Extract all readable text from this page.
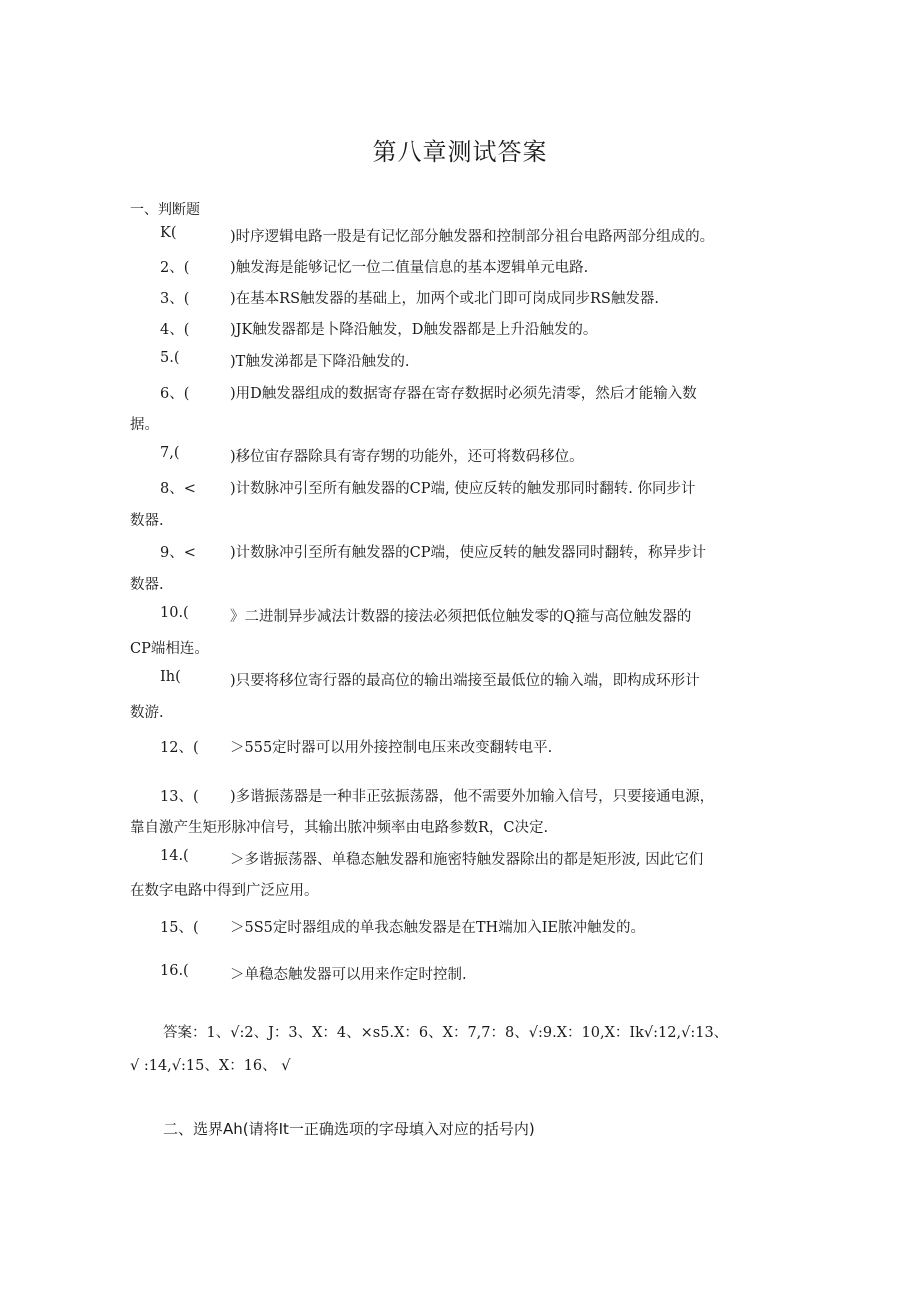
第八章测试答案
一、判断题
K(	)时序逻辑电路一股是有记忆部分触发器和控制部分祖台电路两部分组成的。
2、(	)触发海是能够记忆一位二值量信息的基本逻辑单元电路.
3、(	)在基本RS触发器的基础上，加两个或北门即可岗成同步RS触发器.
4、(	)JK触发器都是卜降沿触发，D触发器都是上升沿触发的。
5.(	)T触发涕都是下降沿触发的.
6、(	)用D触发器组成的数据寄存器在寄存数据时必须先清零，然后才能输入数
据。
7,(	)移位宙存器除具有寄存甥的功能外，还可将数码移位。
8、< )计数脉冲引至所有触发器的CP端, 使应反转的触发那同时翻转. 你同步计
数器.
9、< )计数脉冲引至所有触发器的CP端，使应反转的触发器同时翻转，称异步计
数器.
10.(	》二进制异步减法计数器的接法必须把低位触发零的Q箍与高位触发器的
CP端相连。
Ih(	)只要将移位寄行器的最高位的输出端接至最低位的输入端，即构成环形计
数游.
12、( ＞555定时器可以用外接控制电压来改变翻转电平.
13、( )多谐振荡器是一种非正弦振荡器，他不需要外加输入信号，只要接通电源，
靠自激产生矩形脉冲信号，其输出脓冲频率由电路参数R，C决定.
14.(	＞多谐振荡器、单稳态触发器和施密特触发器除出的都是矩形波, 因此它们
在数字电路中得到广泛应用。
15、( ＞5S5定时器组成的单我态触发器是在TH端加入IE脓冲触发的。
16.(	＞单稳态触发器可以用来作定时控制.
答案：1、√:2、J：3、X：4、×s5.X：6、X：7,7：8、√:9.X：10,X：Ik√:12,√:13、
√ :14,√:15、X：16、 √
二、选界Ah(请将It一正确选项的字母填入对应的括号内)
